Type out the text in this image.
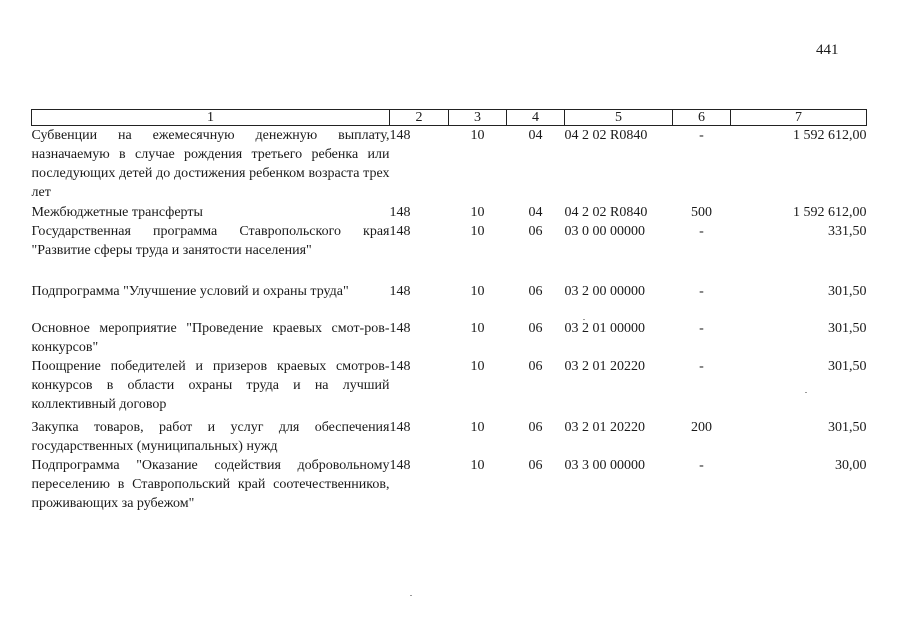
441
1	2	3	4	5	6	7
Субвенции на ежемесячную денежную выплату, назначаемую в случае рождения третьего ребенка или последующих детей до достижения ребенком возраста трех лет	148	10	04	04 2 02 R0840	-	1 592 612,00
Межбюджетные трансферты	148	10	04	04 2 02 R0840	500	1 592 612,00
Государственная программа Ставропольского края "Развитие сферы труда и занятости населения"	148	10	06	03 0 00 00000	-	331,50
Подпрограмма "Улучшение условий и охраны труда"	148	10	06	03 2 00 00000	-	301,50
Основное мероприятие "Проведение краевых смот-ров-конкурсов"	148	10	06	03 2 01 00000	-	301,50
Поощрение победителей и призеров краевых смотров-конкурсов в области охраны труда и на лучший коллективный договор	148	10	06	03 2 01 20220	-	301,50
Закупка товаров, работ и услуг для обеспечения государственных (муниципальных) нужд	148	10	06	03 2 01 20220	200	301,50
Подпрограмма "Оказание содействия добровольному переселению в Ставропольский край соотечественников, проживающих за рубежом"	148	10	06	03 3 00 00000	-	30,00
